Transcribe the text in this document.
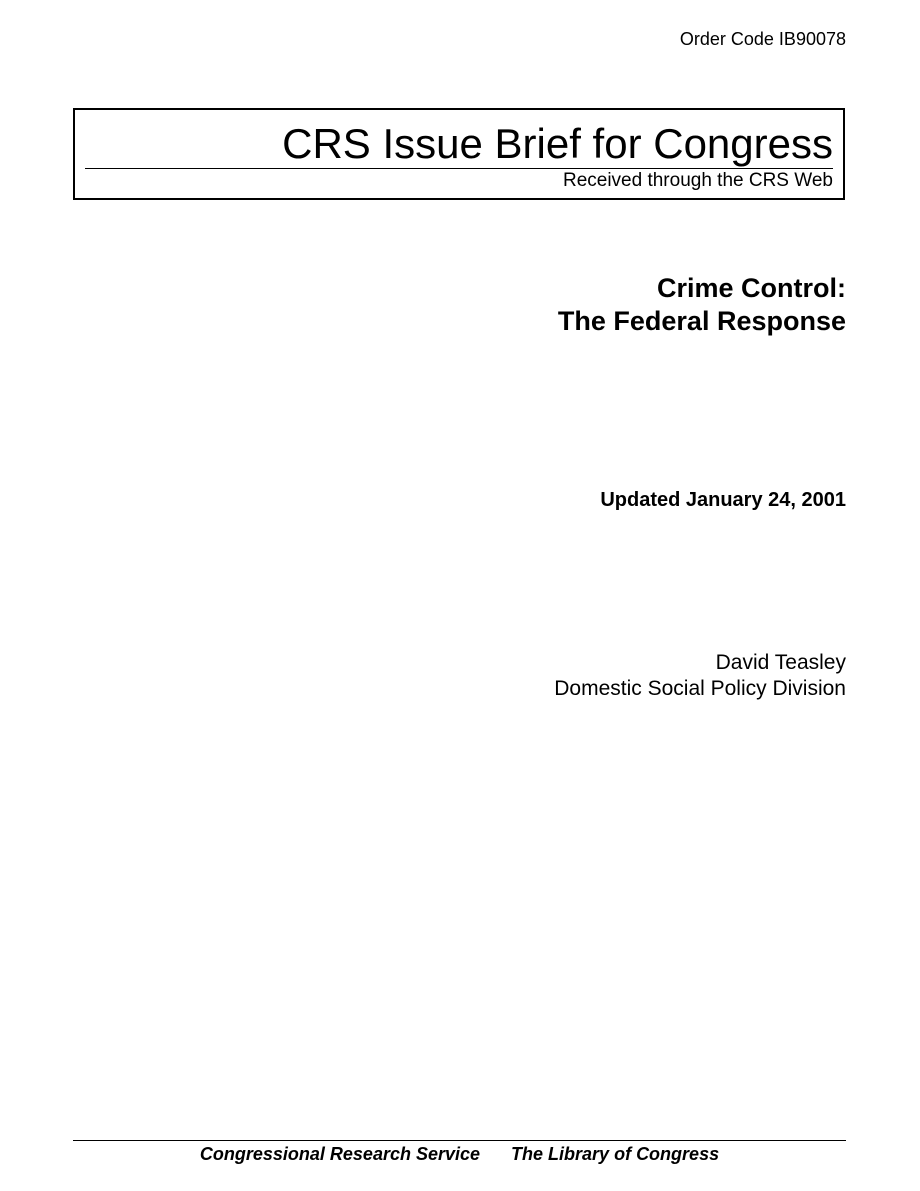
Order Code IB90078
CRS Issue Brief for Congress
Received through the CRS Web
Crime Control:
The Federal Response
Updated January 24, 2001
David Teasley
Domestic Social Policy Division
Congressional Research Service The Library of Congress
